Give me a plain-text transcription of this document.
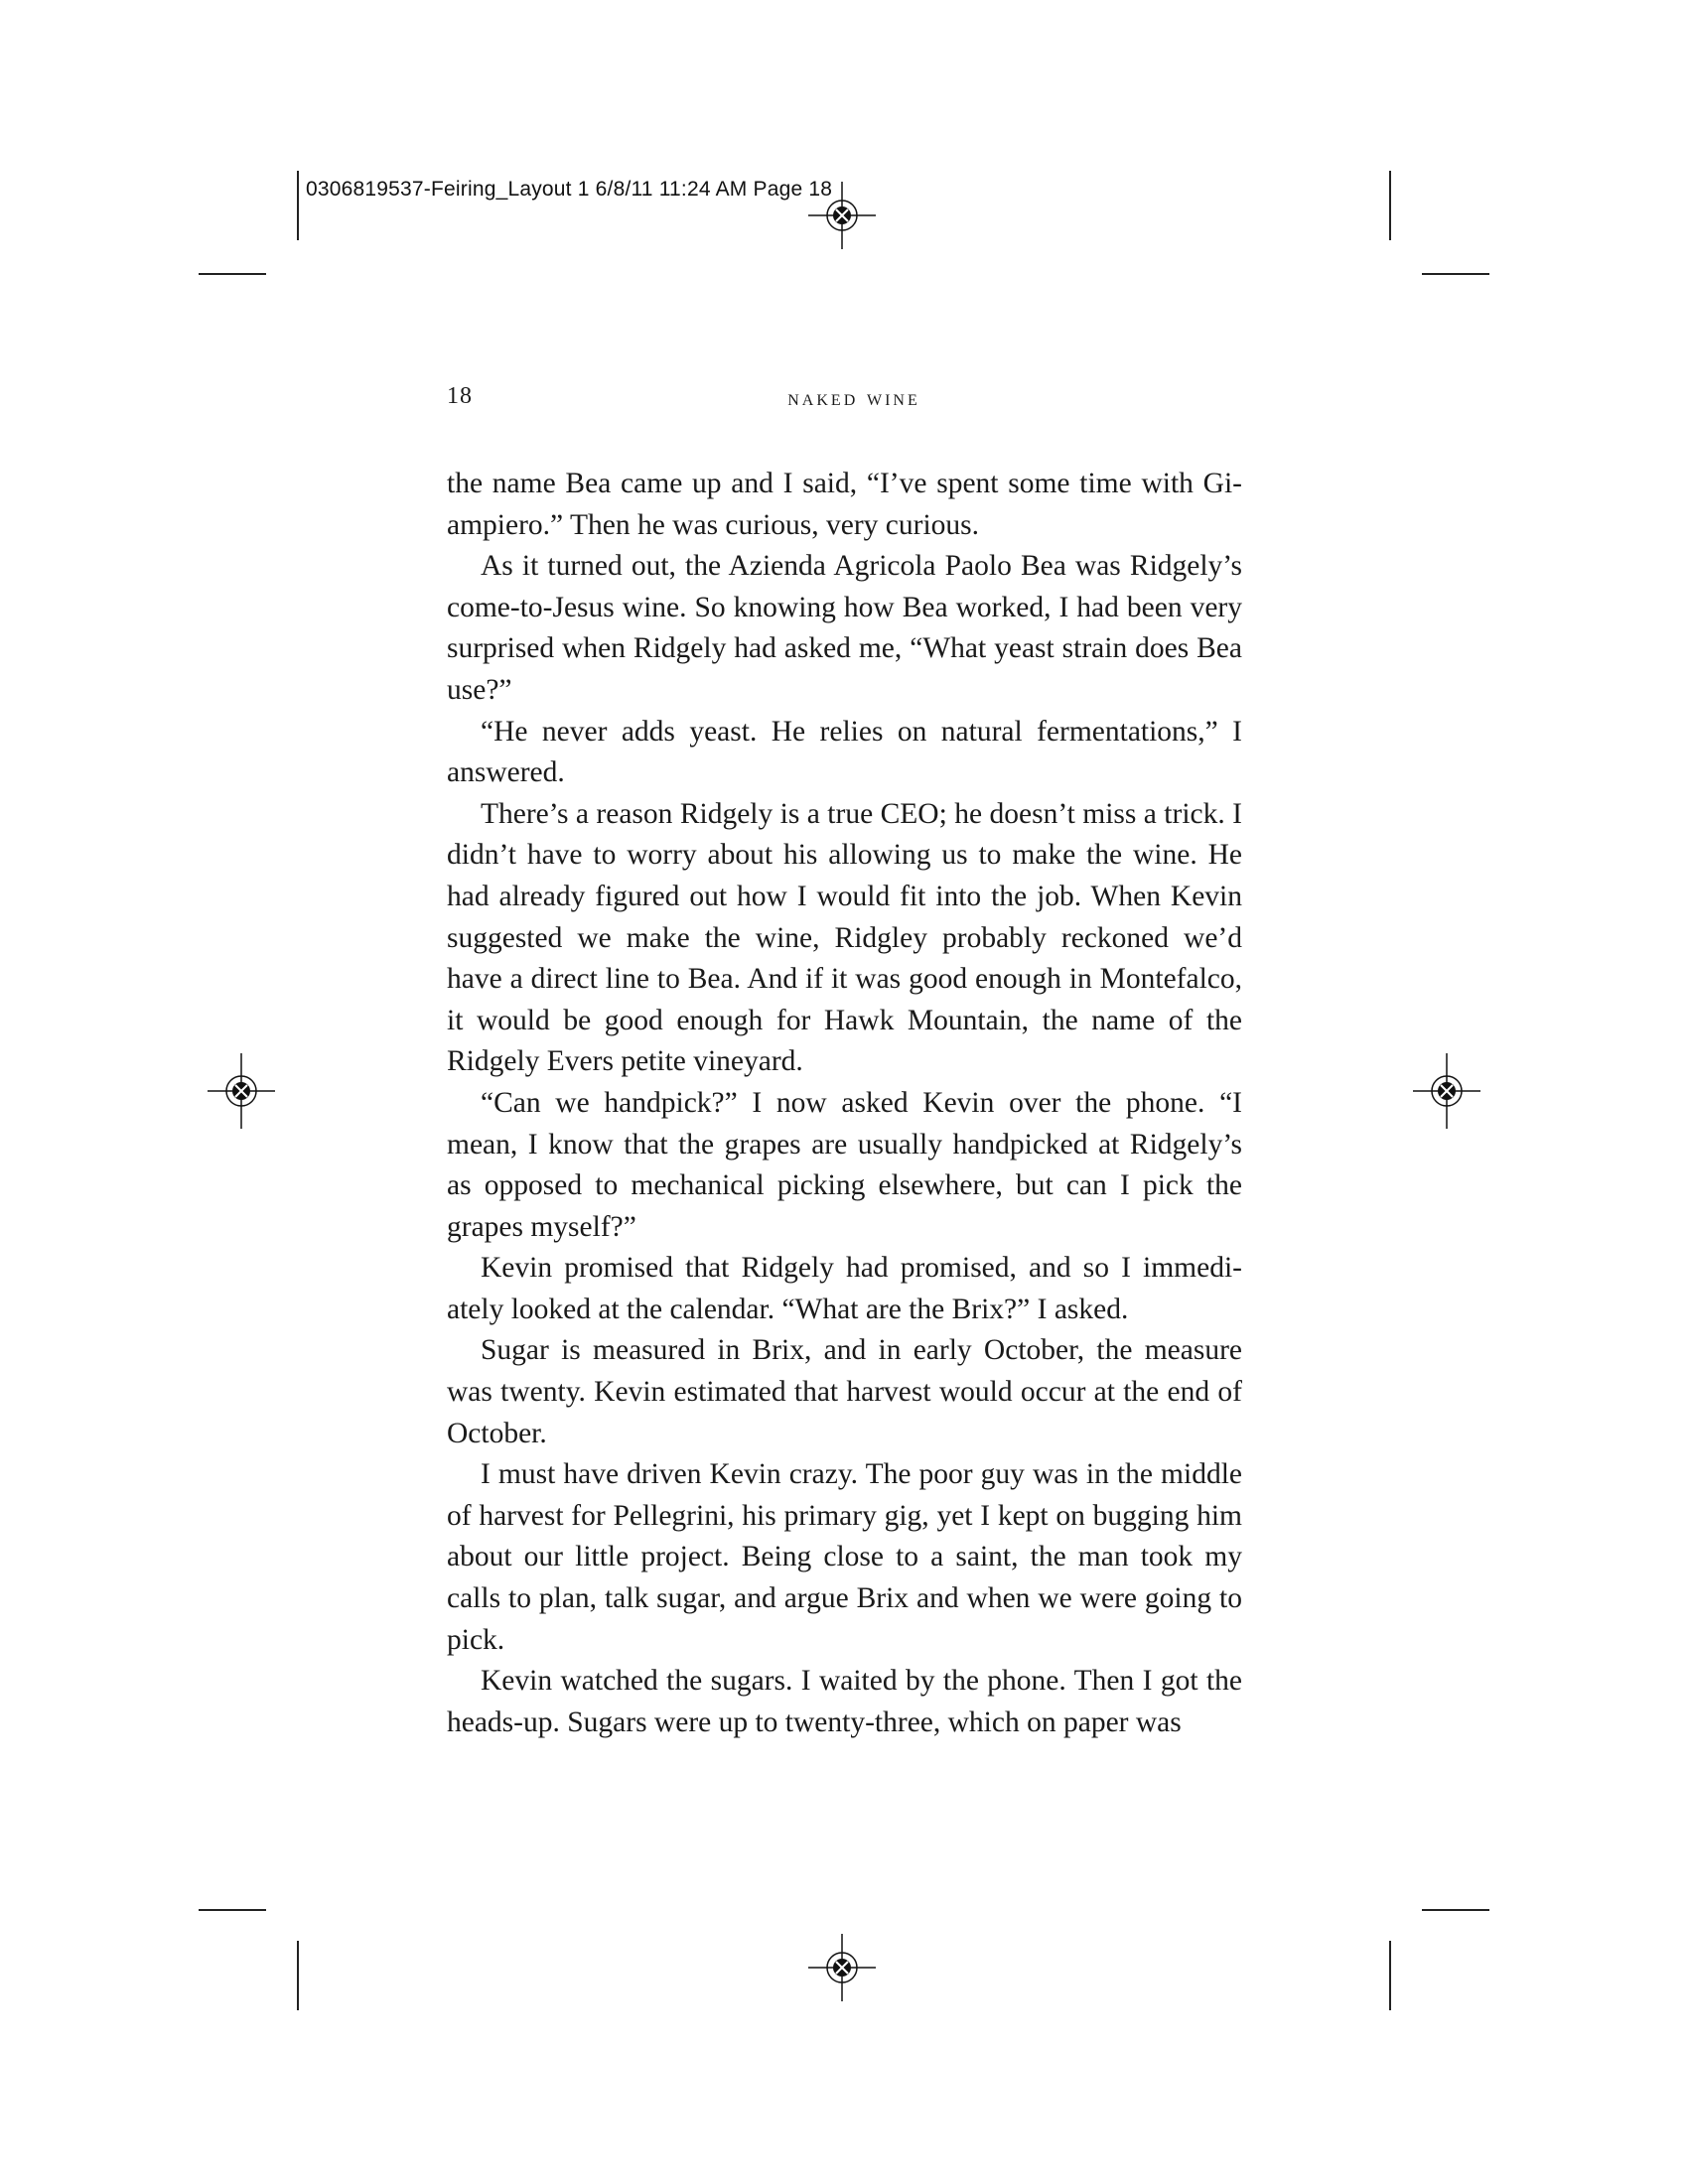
0306819537-Feiring_Layout 1 6/8/11 11:24 AM Page 18
18	naked wine

the name Bea came up and I said, “I’ve spent some time with Giampiero.” Then he was curious, very curious.

As it turned out, the Azienda Agricola Paolo Bea was Ridgely’s come-to-Jesus wine. So knowing how Bea worked, I had been very surprised when Ridgely had asked me, “What yeast strain does Bea use?”

“He never adds yeast. He relies on natural fermentations,” I answered.

There’s a reason Ridgely is a true CEO; he doesn’t miss a trick. I didn’t have to worry about his allowing us to make the wine. He had already figured out how I would fit into the job. When Kevin suggested we make the wine, Ridgley probably reckoned we’d have a direct line to Bea. And if it was good enough in Montefalco, it would be good enough for Hawk Mountain, the name of the Ridgely Evers petite vineyard.

“Can we handpick?” I now asked Kevin over the phone. “I mean, I know that the grapes are usually handpicked at Ridgely’s as opposed to mechanical picking elsewhere, but can I pick the grapes myself?”

Kevin promised that Ridgely had promised, and so I immediately looked at the calendar. “What are the Brix?” I asked.

Sugar is measured in Brix, and in early October, the measure was twenty. Kevin estimated that harvest would occur at the end of October.

I must have driven Kevin crazy. The poor guy was in the middle of harvest for Pellegrini, his primary gig, yet I kept on bugging him about our little project. Being close to a saint, the man took my calls to plan, talk sugar, and argue Brix and when we were going to pick.

Kevin watched the sugars. I waited by the phone. Then I got the heads-up. Sugars were up to twenty-three, which on paper was
